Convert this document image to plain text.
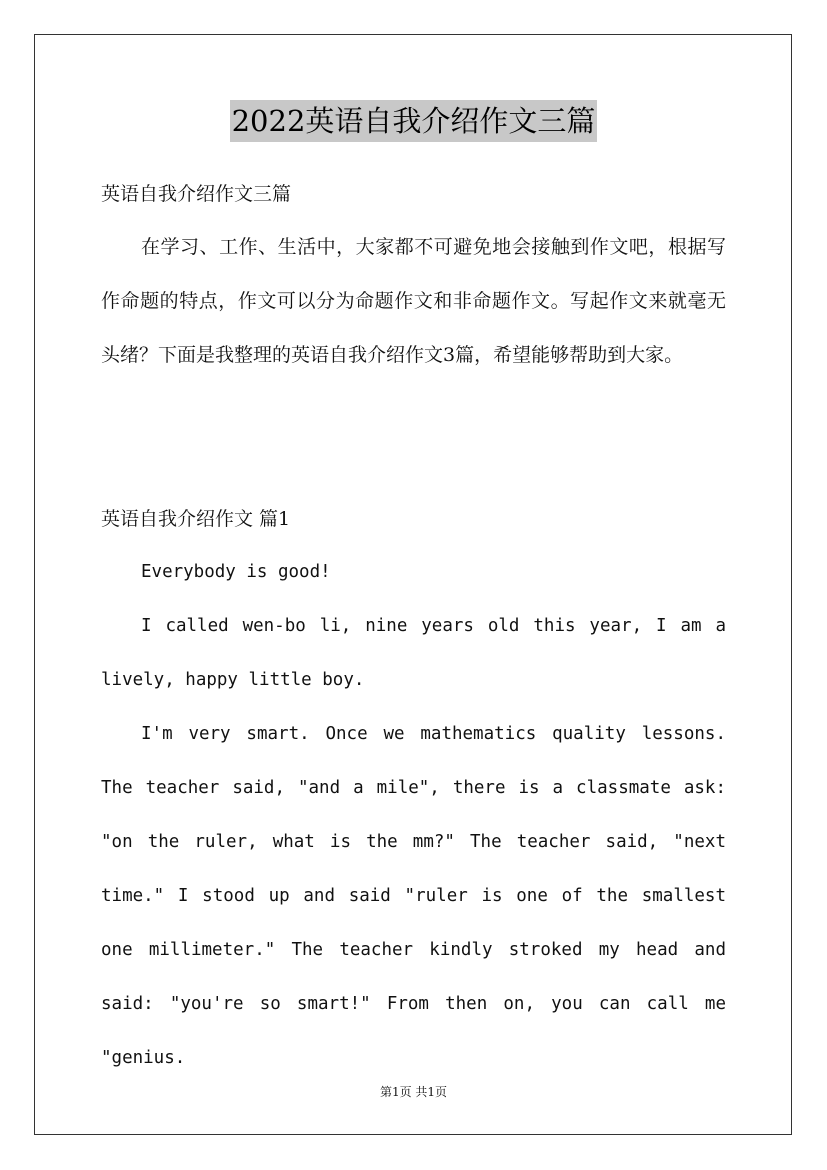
2022英语自我介绍作文三篇
英语自我介绍作文三篇

在学习、工作、生活中，大家都不可避免地会接触到作文吧，根据写作命题的特点，作文可以分为命题作文和非命题作文。写起作文来就毫无头绪？下面是我整理的英语自我介绍作文3篇，希望能够帮助到大家。

英语自我介绍作文 篇1

Everybody is good!

I called wen-bo li, nine years old this year, I am a lively, happy little boy.

I'm very smart. Once we mathematics quality lessons. The teacher said, "and a mile", there is a classmate ask: "on the ruler, what is the mm?" The teacher said, "next time." I stood up and said "ruler is one of the smallest one millimeter." The teacher kindly stroked my head and said: "you're so smart!" From then on, you can call me "genius.

第1页 共1页
